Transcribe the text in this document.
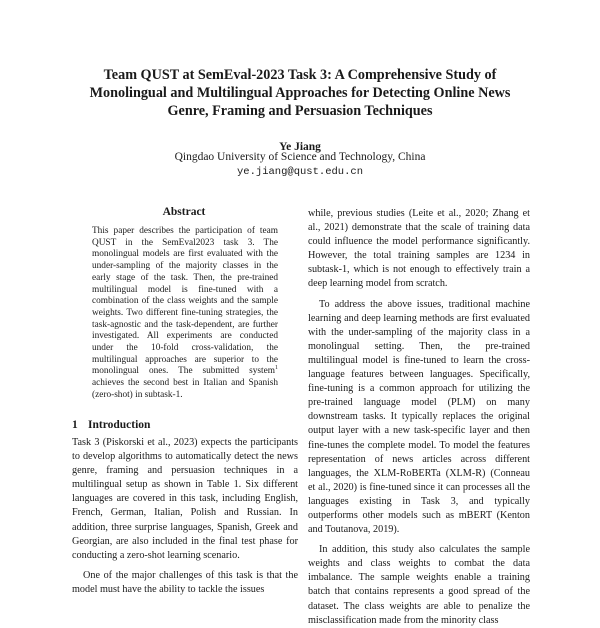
Team QUST at SemEval-2023 Task 3: A Comprehensive Study of
Monolingual and Multilingual Approaches for Detecting Online News
Genre, Framing and Persuasion Techniques
Ye Jiang
Qingdao University of Science and Technology, China
ye.jiang@qust.edu.cn
Abstract
This paper describes the participation of team QUST in the SemEval2023 task 3. The monolingual models are first evaluated with the under-sampling of the majority classes in the early stage of the task. Then, the pre-trained multilingual model is fine-tuned with a combination of the class weights and the sample weights. Two different fine-tuning strategies, the task-agnostic and the task-dependent, are further investigated. All experiments are conducted under the 10-fold cross-validation, the multilingual approaches are superior to the monolingual ones. The submitted system$^1$ achieves the second best in Italian and Spanish (zero-shot) in subtask-1.
1 Introduction

Task 3 (Piskorski et al., 2023) expects the participants to develop algorithms to automatically detect the news genre, framing and persuasion techniques in a multilingual setup as shown in Table 1. Six different languages are covered in this task, including English, French, German, Italian, Polish and Russian. In addition, three surprise languages, Spanish, Greek and Georgian, are also included in the final test phase for conducting a zero-shot learning scenario.

One of the major challenges of this task is that the model must have the ability to tackle the issues

while, previous studies (Leite et al., 2020; Zhang et al., 2021) demonstrate that the scale of training data could influence the model performance significantly. However, the total training samples are 1234 in subtask-1, which is not enough to effectively train a deep learning model from scratch.

To address the above issues, traditional machine learning and deep learning methods are first evaluated with the under-sampling of the majority class in a monolingual setting. Then, the pre-trained multilingual model is fine-tuned to learn the cross-language features between languages. Specifically, fine-tuning is a common approach for utilizing the pre-trained language model (PLM) on many downstream tasks. It typically replaces the original output layer with a new task-specific layer and then fine-tunes the complete model. To model the features representation of news articles across different languages, the XLM-RoBERTa (XLM-R) (Conneau et al., 2020) is fine-tuned since it can processes all the languages existing in Task 3, and typically outperforms other models such as mBERT (Kenton and Toutanova, 2019).

In addition, this study also calculates the sample weights and class weights to combat the data imbalance. The sample weights enable a training batch that contains represents a good spread of the dataset. The class weights are able to penalize the misclassification made from the minority class
